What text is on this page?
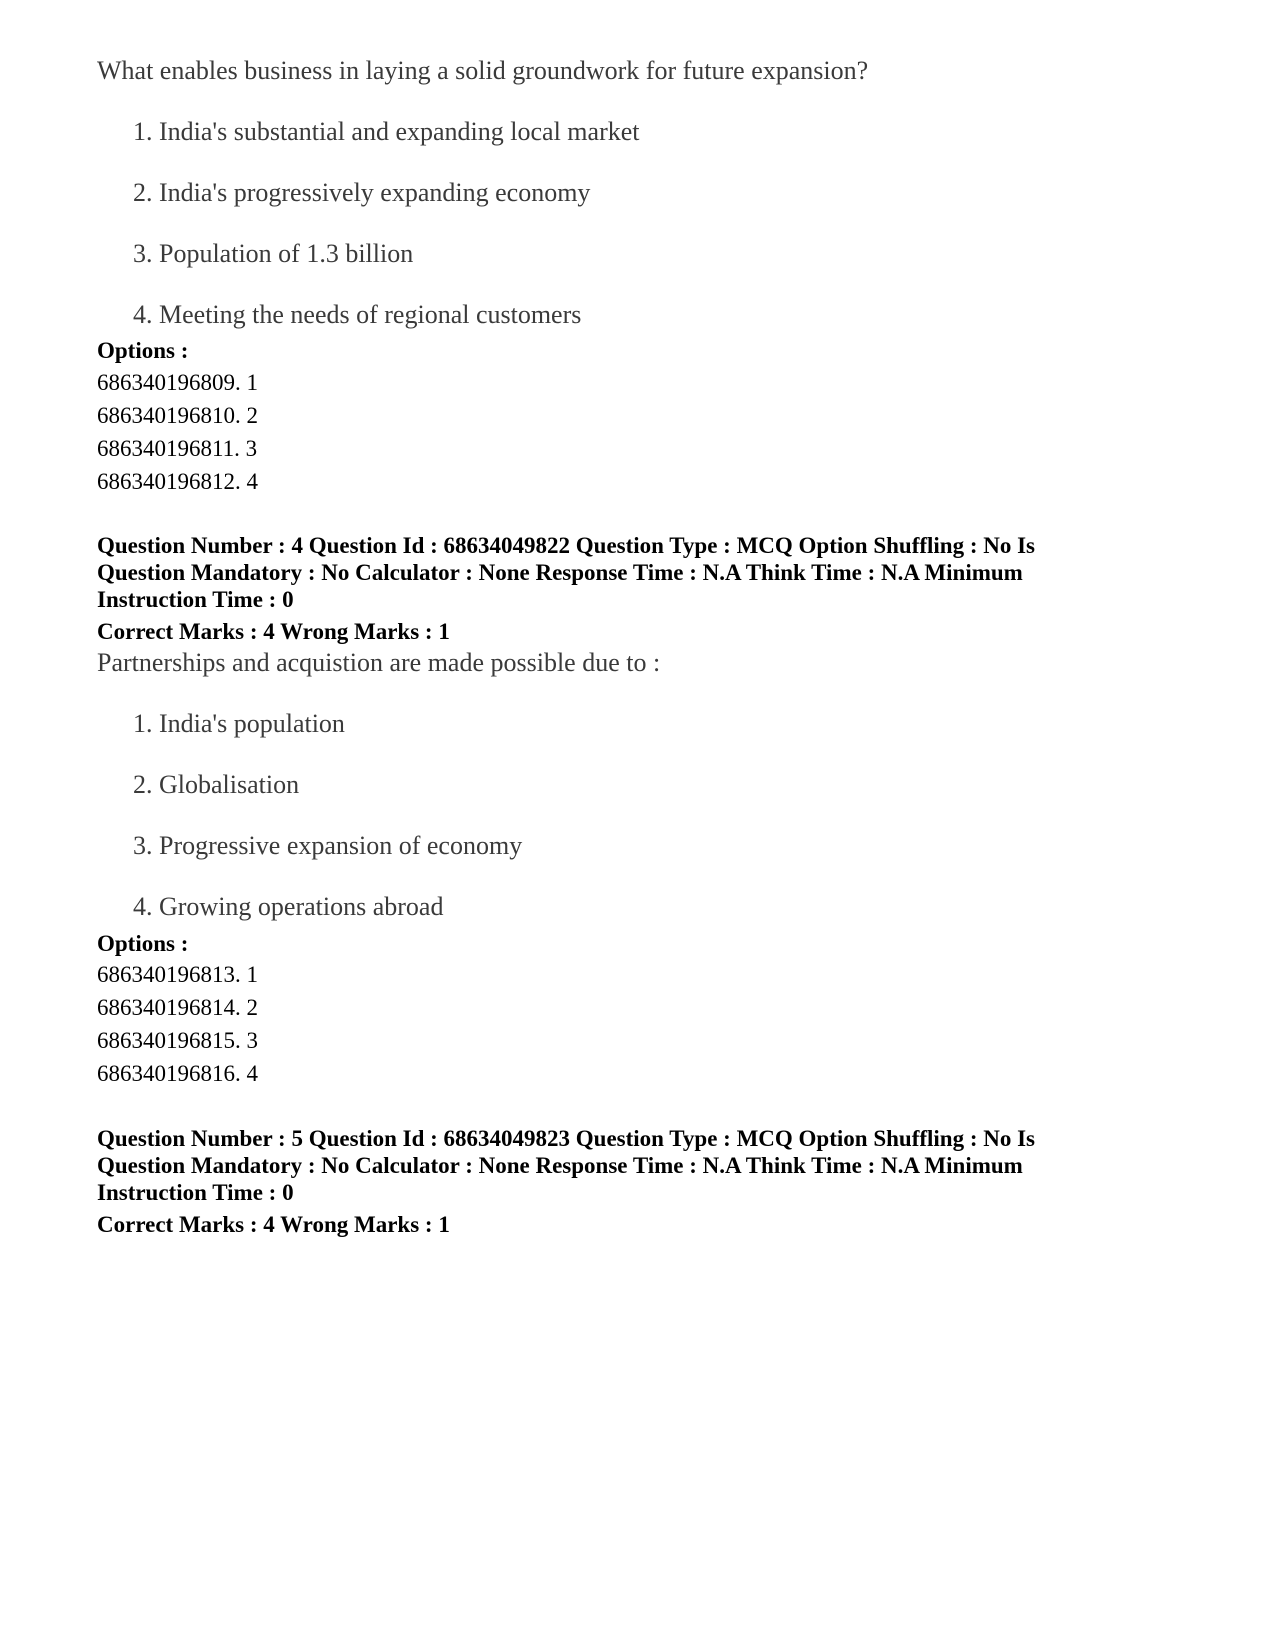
What enables business in laying a solid groundwork for future expansion?

1. India's substantial and expanding local market
2. India's progressively expanding economy
3. Population of 1.3 billion
4. Meeting the needs of regional customers
Options :
686340196809. 1
686340196810. 2
686340196811. 3
686340196812. 4

Question Number : 4 Question Id : 68634049822 Question Type : MCQ Option Shuffling : No Is

Question Mandatory : No Calculator : None Response Time : N.A Think Time : N.A Minimum

Instruction Time : 0

Correct Marks : 4 Wrong Marks : 1

Partnerships and acquistion are made possible due to :

1. India's population
2. Globalisation
3. Progressive expansion of economy
4. Growing operations abroad
Options :
686340196813. 1
686340196814. 2
686340196815. 3
686340196816. 4

Question Number : 5 Question Id : 68634049823 Question Type : MCQ Option Shuffling : No Is

Question Mandatory : No Calculator : None Response Time : N.A Think Time : N.A Minimum

Instruction Time : 0

Correct Marks : 4 Wrong Marks : 1
